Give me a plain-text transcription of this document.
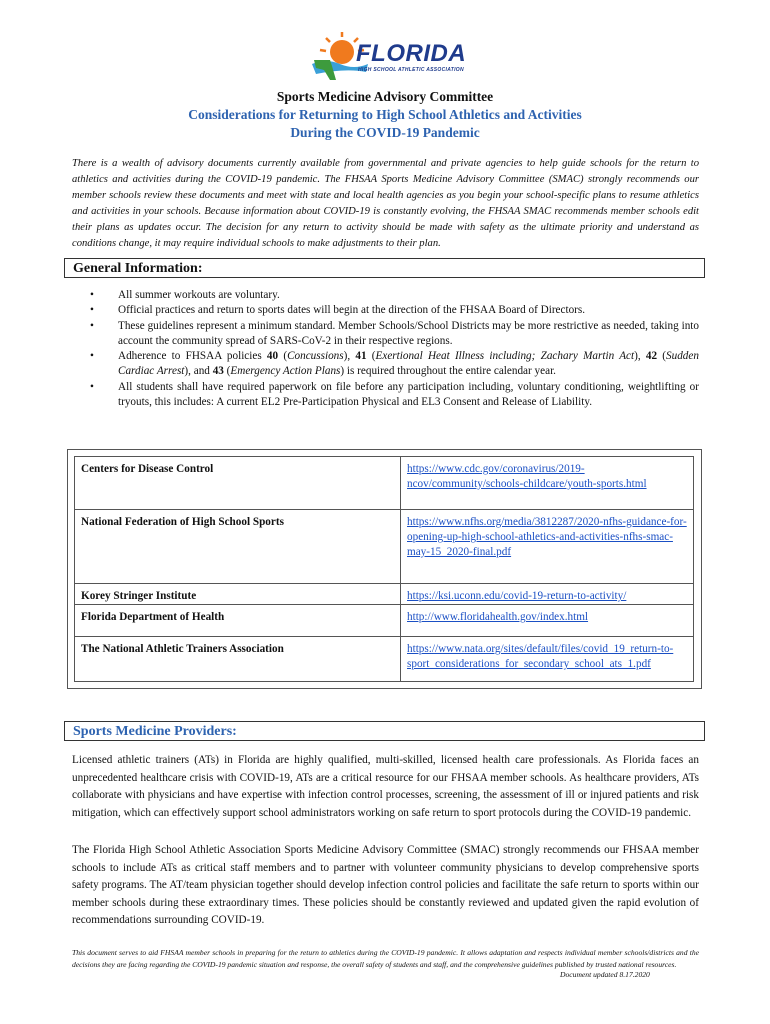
FLORIDA
HIGH SCHOOL ATHLETIC ASSOCIATION
Sports Medicine Advisory Committee
Considerations for Returning to High School Athletics and Activities
During the COVID-19 Pandemic
There is a wealth of advisory documents currently available from governmental and private agencies to help guide schools for the return to athletics and activities during the COVID-19 pandemic. The FHSAA Sports Medicine Advisory Committee (SMAC) strongly recommends our member schools review these documents and meet with state and local health agencies as you begin your school-specific plans to resume athletics and activities in your schools. Because information about COVID-19 is constantly evolving, the FHSAA SMAC recommends member schools edit their plans as updates occur. The decision for any return to activity should be made with safety as the ultimate priority and understand as conditions change, it may require individual schools to make adjustments to their plan.
General Information:
• All summer workouts are voluntary.
• Official practices and return to sports dates will begin at the direction of the FHSAA Board of Directors.
• These guidelines represent a minimum standard. Member Schools/School Districts may be more restrictive as needed, taking into account the community spread of SARS-CoV-2 in their respective regions.
• Adherence to FHSAA policies 40 (Concussions), 41 (Exertional Heat Illness including; Zachary Martin Act), 42 (Sudden Cardiac Arrest), and 43 (Emergency Action Plans) is required throughout the entire calendar year.
• All students shall have required paperwork on file before any participation including, voluntary conditioning, weightlifting or tryouts, this includes: A current EL2 Pre-Participation Physical and EL3 Consent and Release of Liability.
Centers for Disease Control	https://www.cdc.gov/coronavirus/2019-ncov/community/schools-childcare/youth-sports.html
National Federation of High School Sports	https://www.nfhs.org/media/3812287/2020-nfhs-guidance-for-opening-up-high-school-athletics-and-activities-nfhs-smac-may-15_2020-final.pdf
Korey Stringer Institute	https://ksi.uconn.edu/covid-19-return-to-activity/
Florida Department of Health	http://www.floridahealth.gov/index.html
The National Athletic Trainers Association	https://www.nata.org/sites/default/files/covid_19_return-to-sport_considerations_for_secondary_school_ats_1.pdf
Sports Medicine Providers:
Licensed athletic trainers (ATs) in Florida are highly qualified, multi-skilled, licensed health care professionals. As Florida faces an unprecedented healthcare crisis with COVID-19, ATs are a critical resource for our FHSAA member schools. As healthcare providers, ATs collaborate with physicians and have expertise with infection control processes, screening, the assessment of ill or injured patients and risk mitigation, which can effectively support school administrators working on safe return to sport protocols during the COVID-19 pandemic.
The Florida High School Athletic Association Sports Medicine Advisory Committee (SMAC) strongly recommends our FHSAA member schools to include ATs as critical staff members and to partner with volunteer community physicians to develop comprehensive sports safety programs. The AT/team physician together should develop infection control policies and facilitate the safe return to sports within our member schools during these extraordinary times. These policies should be constantly reviewed and updated given the rapid evolution of recommendations surrounding COVID-19.
This document serves to aid FHSAA member schools in preparing for the return to athletics during the COVID-19 pandemic. It allows adaptation and respects individual member schools/districts and the decisions they are facing regarding the COVID-19 pandemic situation and response, the overall safety of students and staff, and the comprehensive guidelines published by trusted national resources.
Document updated 8.17.2020
